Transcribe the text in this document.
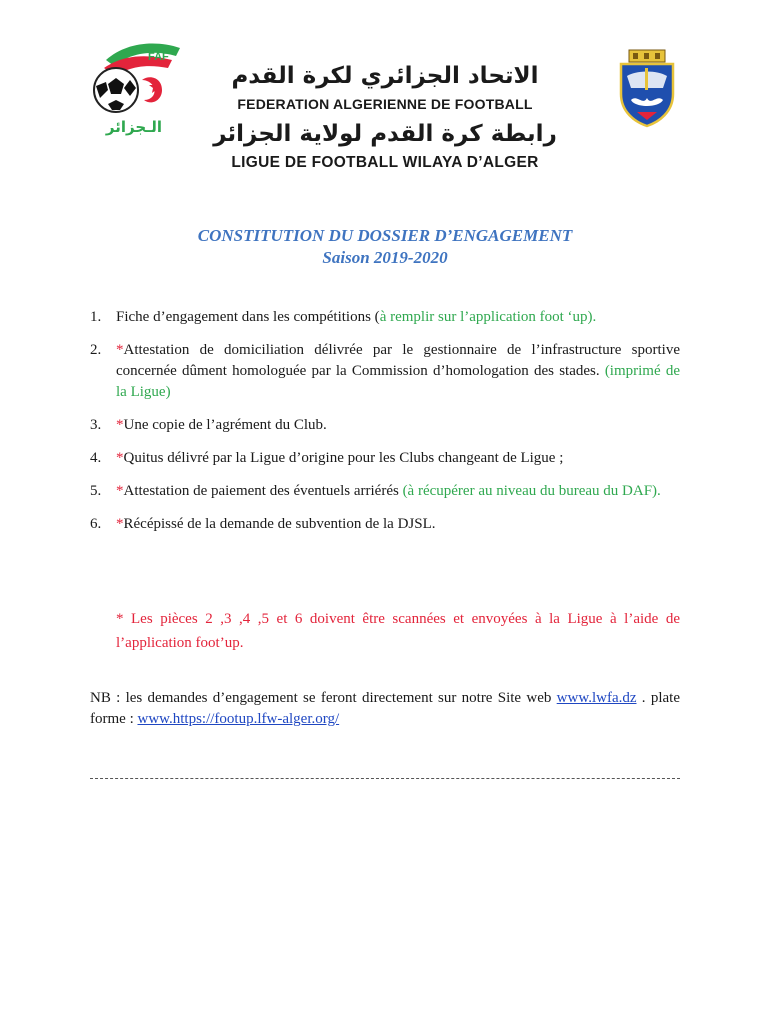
FAF
الـجزائر
الاتحاد الجزائري لكرة القدم
FEDERATION ALGERIENNE DE FOOTBALL
رابطة كرة القدم لولاية الجزائر
LIGUE DE FOOTBALL WILAYA D’ALGER
CONSTITUTION DU DOSSIER D’ENGAGEMENT
Saison 2019-2020
1. Fiche d’engagement dans les compétitions (à remplir sur l’application foot ‘up).
2. *Attestation de domiciliation délivrée par le gestionnaire de l’infrastructure sportive concernée dûment homologuée par la Commission d’homologation des stades. (imprimé de la Ligue)
3. *Une copie de l’agrément du Club.
4. *Quitus délivré par la Ligue d’origine pour les Clubs changeant de Ligue ;
5. *Attestation de paiement des éventuels arriérés (à récupérer au niveau du bureau du DAF).
6. *Récépissé de la demande de subvention de la DJSL.
* Les pièces 2 ,3 ,4 ,5 et 6 doivent être scannées et envoyées à la Ligue à l’aide de l’application foot’up.
NB : les demandes d’engagement se feront directement sur notre Site web www.lwfa.dz . plate forme : www.https://footup.lfw-alger.org/
